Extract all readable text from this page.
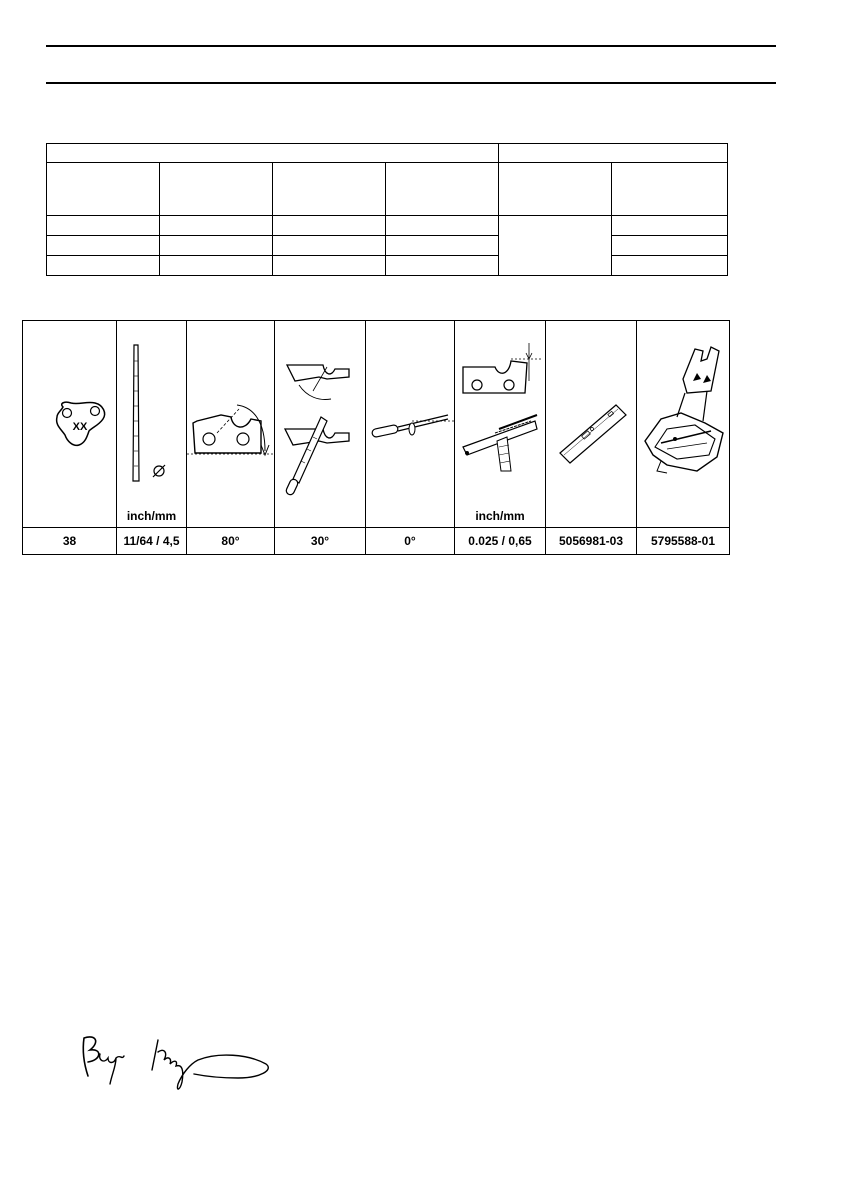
XX	inch/mm				inch/mm

38	11/64 / 4,5	80°	30°	0°	0.025 / 0,65	5056981-03	5795588-01
